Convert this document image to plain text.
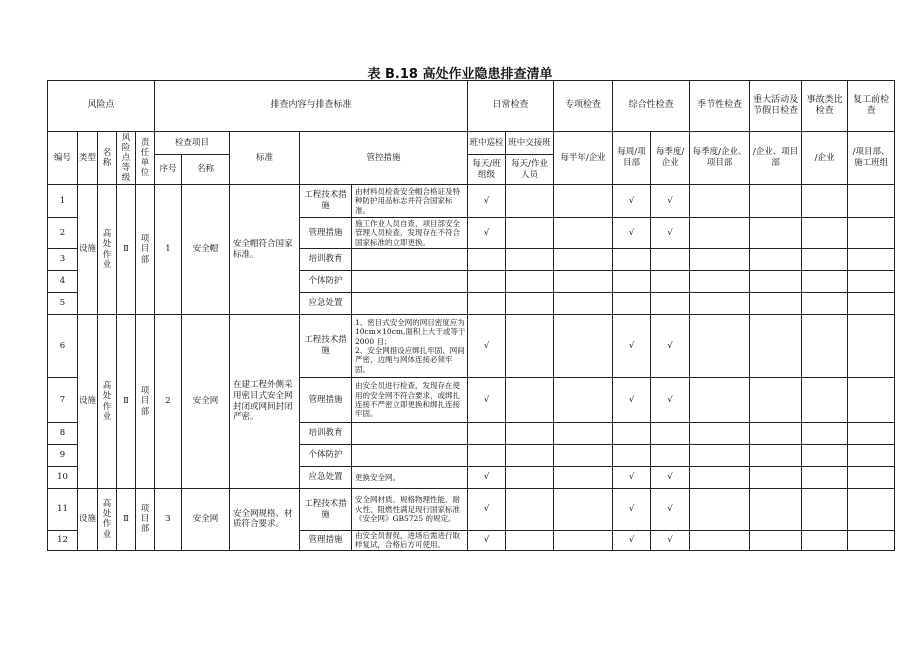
表 B.18 高处作业隐患排查清单
风险点					排查内容与排查标准					日常检查		专项检查	综合性检查		季节性检查	重大活动及节假日检查	事故类比检查	复工前检查
编号	类型	名称	风险点等级	责任单位	检查项目		标准	管控措施		班中巡检	班中交接班	每半年/企业	每周/项目部	每季度/企业	每季度/企业、项目部	/企业、项目部	/企业	/项目部、施工班组
					序号	名称				每天/班组级	每天/作业人员							
1	设施	高处作业	Ⅱ	项目部	1	安全帽	安全帽符合国家标准。	工程技术措施	由材料员检查安全帽合格证及特种防护用品标志并符合国家标准。	√			√	√				
2								管理措施	施工作业人员自查，项目部安全管理人员检查，发现存在不符合国家标准的立即更换。	√			√	√				
3								培训教育										
4								个体防护										
5								应急处置										
6	设施	高处作业	Ⅱ	项目部	2	安全网	在建工程外侧采用密目式安全网封闭或网间封闭严密。	工程技术措施	1、密目式安全网的网目密度应为10cm×10cm,面积上大于或等于 2000 目；
2、安全网措设应绑扎牢固、网间严密，边绳与网体连接必须牢固。	√			√	√				
7								管理措施	由安全员进行检查，发现存在使用的安全网不符合要求，或绑扎连接不严密立即更换和绑扎连接牢固。	√			√	√				
8								培训教育										
9								个体防护										
10								应急处置	更换安全网。	√			√	√				
11	设施	高处作业	Ⅱ	项目部	3	安全网	安全网规格、材质符合要求。	工程技术措施	安全网材质、规格物理性能、耐火性、阻燃性满足现行国家标准《安全网》GB5725 的规定。	√			√	√				
12								管理措施	由安全员督促，进场后需进行取样复试，合格后方可使用。	√			√	√				
